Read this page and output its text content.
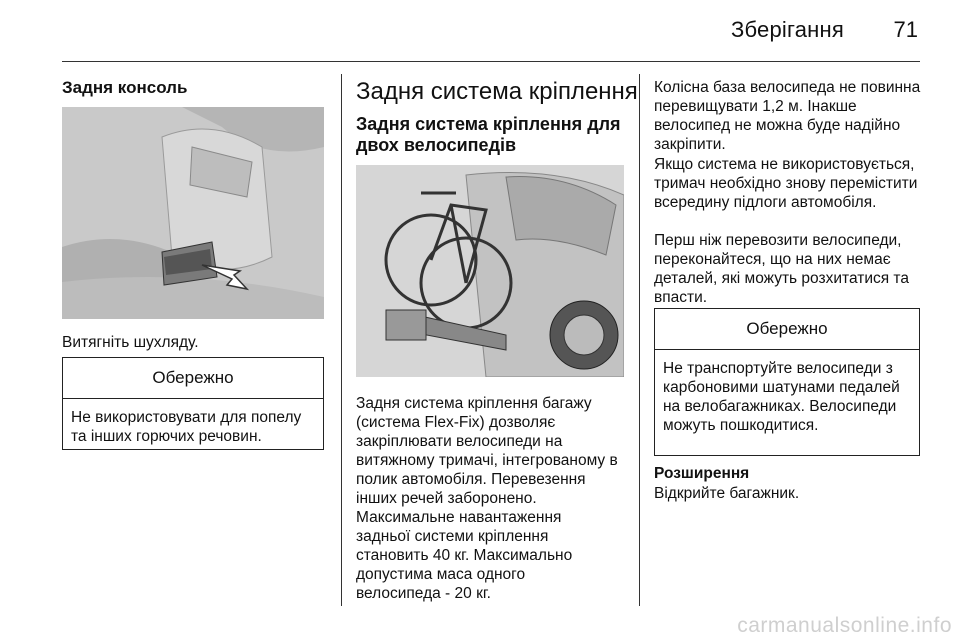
Зберігання 71
Задня консоль

Витягніть шухляду.

Обережно
Не використовувати для попелу та інших горючих речовин.
Задня система кріплення
Задня система кріплення для двох велосипедів

Задня система кріплення багажу (система Flex-Fix) дозволяє закріплювати велосипеди на витяжному тримачі, інтегрованому в полик автомобіля. Перевезення інших речей заборонено.

Максимальне навантаження задньої системи кріплення становить 40 кг. Максимально допустима маса одного велосипеда - 20 кг.

Колісна база велосипеда не повинна перевищувати 1,2 м. Інакше велосипед не можна буде надійно закріпити.

Якщо система не використовується, тримач необхідно знову перемістити всередину підлоги автомобіля.

Перш ніж перевозити велосипеди, переконайтеся, що на них немає деталей, які можуть розхитатися та впасти.

Обережно
Не транспортуйте велосипеди з карбоновими шатунами педалей на велобагажниках. Велосипеди можуть пошкодитися.
Розширення

Відкрийте багажник.

carmanualsonline.info
